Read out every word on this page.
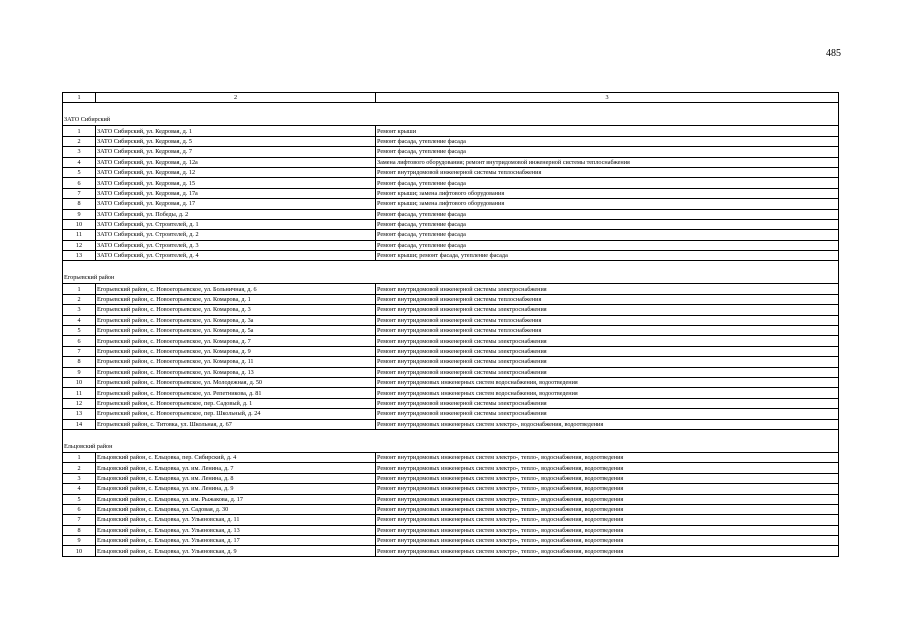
485
1	2	3

ЗАТО Сибирский		
1	ЗАТО Сибирский, ул. Кедровая, д. 1	Ремонт крыши
2	ЗАТО Сибирский, ул. Кедровая, д. 5	Ремонт фасада, утепление фасада
3	ЗАТО Сибирский, ул. Кедровая, д. 7	Ремонт фасада, утепление фасада
4	ЗАТО Сибирский, ул. Кедровая, д. 12а	Замена лифтового оборудования; ремонт внутридомовой инженерной системы теплоснабжения
5	ЗАТО Сибирский, ул. Кедровая, д. 12	Ремонт внутридомовой инженерной системы теплоснабжения
6	ЗАТО Сибирский, ул. Кедровая, д. 15	Ремонт фасада, утепление фасада
7	ЗАТО Сибирский, ул. Кедровая, д. 17а	Ремонт крыши; замена лифтового оборудования
8	ЗАТО Сибирский, ул. Кедровая, д. 17	Ремонт крыши; замена лифтового оборудования
9	ЗАТО Сибирский, ул. Победы, д. 2	Ремонт фасада, утепление фасада
10	ЗАТО Сибирский, ул. Строителей, д. 1	Ремонт фасада, утепление фасада
11	ЗАТО Сибирский, ул. Строителей, д. 2	Ремонт фасада, утепление фасада
12	ЗАТО Сибирский, ул. Строителей, д. 3	Ремонт фасада, утепление фасада
13	ЗАТО Сибирский, ул. Строителей, д. 4	Ремонт крыши; ремонт фасада, утепление фасада

Егорьевский район		
1	Егорьевский район, с. Новоегорьевское, ул. Больничная, д. 6	Ремонт внутридомовой инженерной системы электроснабжения
2	Егорьевский район, с. Новоегорьевское, ул. Комарова, д. 1	Ремонт внутридомовой инженерной системы теплоснабжения
3	Егорьевский район, с. Новоегорьевское, ул. Комарова, д. 3	Ремонт внутридомовой инженерной системы электроснабжения
4	Егорьевский район, с. Новоегорьевское, ул. Комарова, д. 3а	Ремонт внутридомовой инженерной системы теплоснабжения
5	Егорьевский район, с. Новоегорьевское, ул. Комарова, д. 5а	Ремонт внутридомовой инженерной системы теплоснабжения
6	Егорьевский район, с. Новоегорьевское, ул. Комарова, д. 7	Ремонт внутридомовой инженерной системы электроснабжения
7	Егорьевский район, с. Новоегорьевское, ул. Комарова, д. 9	Ремонт внутридомовой инженерной системы электроснабжения
8	Егорьевский район, с. Новоегорьевское, ул. Комарова, д. 11	Ремонт внутридомовой инженерной системы электроснабжения
9	Егорьевский район, с. Новоегорьевское, ул. Комарова, д. 13	Ремонт внутридомовой инженерной системы электроснабжения
10	Егорьевский район, с. Новоегорьевское, ул. Молодежная, д. 50	Ремонт внутридомовых инженерных систем водоснабжения, водоотведения
11	Егорьевский район, с. Новоегорьевское, ул. Репетникова, д. 81	Ремонт внутридомовых инженерных систем водоснабжения, водоотведения
12	Егорьевский район, с. Новоегорьевское, пер. Садовый, д. 1	Ремонт внутридомовой инженерной системы электроснабжения
13	Егорьевский район, с. Новоегорьевское, пер. Школьный, д. 24	Ремонт внутридомовой инженерной системы электроснабжения
14	Егорьевский район, с. Титовка, ул. Школьная, д. 67	Ремонт внутридомовых инженерных систем электро-, водоснабжения, водоотведения

Ельцовский район		
1	Ельцовский район, с. Ельцовка, пер. Сибирский, д. 4	Ремонт внутридомовых инженерных систем электро-, тепло-, водоснабжения, водоотведения
2	Ельцовский район, с. Ельцовка, ул. им. Ленина, д. 7	Ремонт внутридомовых инженерных систем электро-, тепло-, водоснабжения, водоотведения
3	Ельцовский район, с. Ельцовка, ул. им. Ленина, д. 8	Ремонт внутридомовых инженерных систем электро-, тепло-, водоснабжения, водоотведения
4	Ельцовский район, с. Ельцовка, ул. им. Ленина, д. 9	Ремонт внутридомовых инженерных систем электро-, тепло-, водоснабжения, водоотведения
5	Ельцовский район, с. Ельцовка, ул. им. Рыжакова, д. 17	Ремонт внутридомовых инженерных систем электро-, тепло-, водоснабжения, водоотведения
6	Ельцовский район, с. Ельцовка, ул. Садовая, д. 30	Ремонт внутридомовых инженерных систем электро-, тепло-, водоснабжения, водоотведения
7	Ельцовский район, с. Ельцовка, ул. Ульяновская, д. 11	Ремонт внутридомовых инженерных систем электро-, тепло-, водоснабжения, водоотведения
8	Ельцовский район, с. Ельцовка, ул. Ульяновская, д. 13	Ремонт внутридомовых инженерных систем электро-, тепло-, водоснабжения, водоотведения
9	Ельцовский район, с. Ельцовка, ул. Ульяновская, д. 17	Ремонт внутридомовых инженерных систем электро-, тепло-, водоснабжения, водоотведения
10	Ельцовский район, с. Ельцовка, ул. Ульяновская, д. 9	Ремонт внутридомовых инженерных систем электро-, тепло-, водоснабжения, водоотведения
